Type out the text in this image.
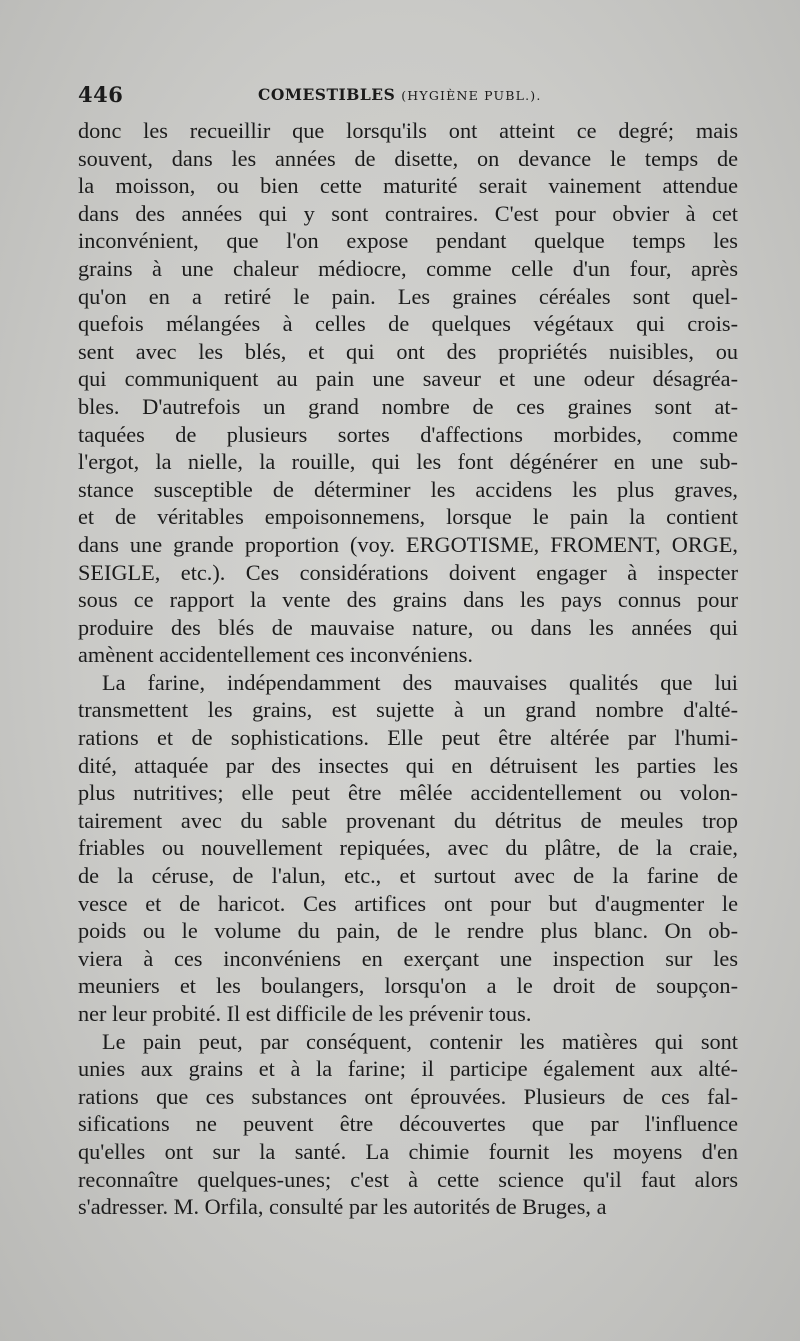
446	COMESTIBLES (HYGIÈNE PUBL.).
donc les recueillir que lorsqu'ils ont atteint ce degré; mais
souvent, dans les années de disette, on devance le temps de
la moisson, ou bien cette maturité serait vainement attendue
dans des années qui y sont contraires. C'est pour obvier à cet
inconvénient, que l'on expose pendant quelque temps les
grains à une chaleur médiocre, comme celle d'un four, après
qu'on en a retiré le pain. Les graines céréales sont quel-
quefois mélangées à celles de quelques végétaux qui crois-
sent avec les blés, et qui ont des propriétés nuisibles, ou
qui communiquent au pain une saveur et une odeur désagréa-
bles. D'autrefois un grand nombre de ces graines sont at-
taquées de plusieurs sortes d'affections morbides, comme
l'ergot, la nielle, la rouille, qui les font dégénérer en une sub-
stance susceptible de déterminer les accidens les plus graves,
et de véritables empoisonnemens, lorsque le pain la contient
dans une grande proportion (voy. ERGOTISME, FROMENT, ORGE,
SEIGLE, etc.). Ces considérations doivent engager à inspecter
sous ce rapport la vente des grains dans les pays connus pour
produire des blés de mauvaise nature, ou dans les années qui
amènent accidentellement ces inconvéniens.
La farine, indépendamment des mauvaises qualités que lui
transmettent les grains, est sujette à un grand nombre d'alté-
rations et de sophistications. Elle peut être altérée par l'humi-
dité, attaquée par des insectes qui en détruisent les parties les
plus nutritives; elle peut être mêlée accidentellement ou volon-
tairement avec du sable provenant du détritus de meules trop
friables ou nouvellement repiquées, avec du plâtre, de la craie,
de la céruse, de l'alun, etc., et surtout avec de la farine de
vesce et de haricot. Ces artifices ont pour but d'augmenter le
poids ou le volume du pain, de le rendre plus blanc. On ob-
viera à ces inconvéniens en exerçant une inspection sur les
meuniers et les boulangers, lorsqu'on a le droit de soupçon-
ner leur probité. Il est difficile de les prévenir tous.
Le pain peut, par conséquent, contenir les matières qui sont
unies aux grains et à la farine; il participe également aux alté-
rations que ces substances ont éprouvées. Plusieurs de ces fal-
sifications ne peuvent être découvertes que par l'influence
qu'elles ont sur la santé. La chimie fournit les moyens d'en
reconnaître quelques-unes; c'est à cette science qu'il faut alors
s'adresser. M. Orfila, consulté par les autorités de Bruges, a
